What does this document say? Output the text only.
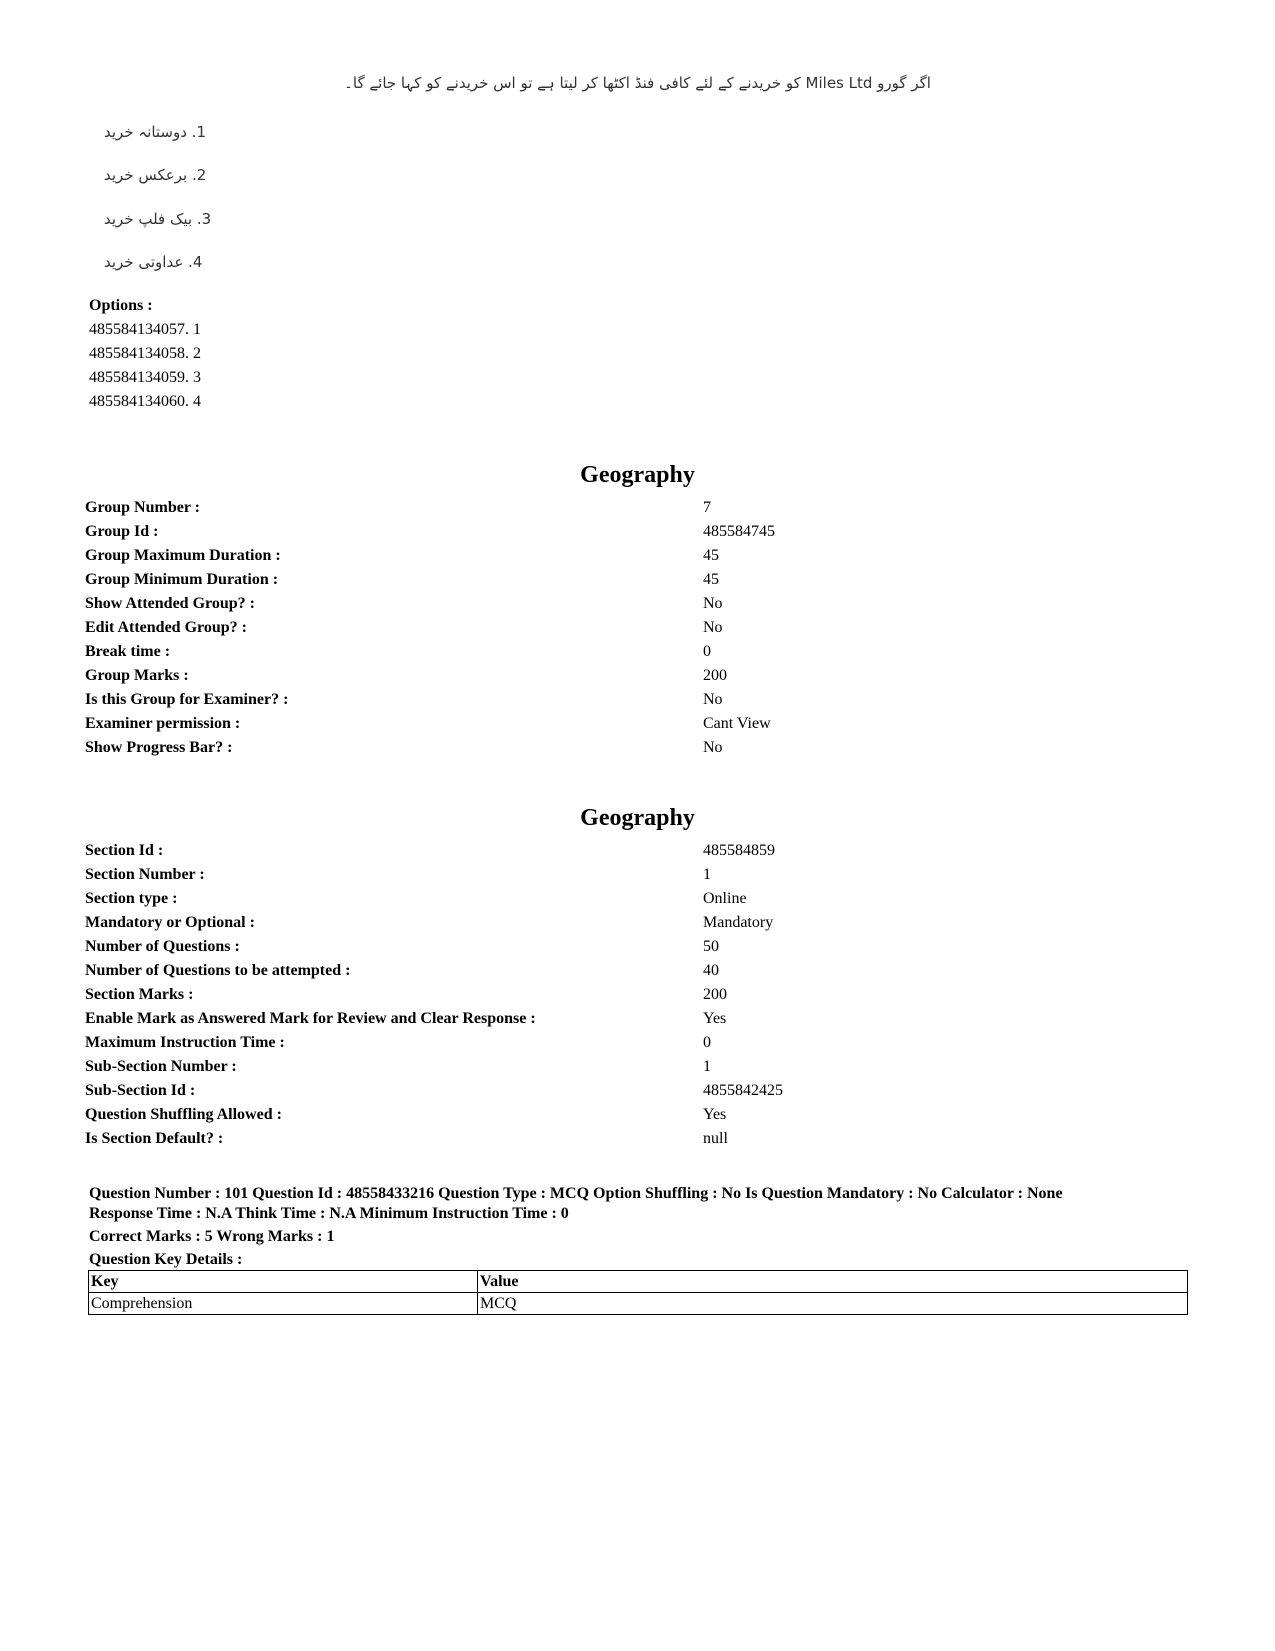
اگر گورو Miles Ltd کو خریدنے کے لئے کافی فنڈ اکٹھا کر لیتا ہے تو اس خریدنے کو کہا جائے گا۔
1. دوستانہ خرید
2. برعکس خرید
3. بیک فلپ خرید
4. عداوتی خرید
Options :
485584134057. 1
485584134058. 2
485584134059. 3
485584134060. 4
Geography
Group Number :	7
Group Id :	485584745
Group Maximum Duration :	45
Group Minimum Duration :	45
Show Attended Group? :	No
Edit Attended Group? :	No
Break time :	0
Group Marks :	200
Is this Group for Examiner? :	No
Examiner permission :	Cant View
Show Progress Bar? :	No
Geography
Section Id :	485584859
Section Number :	1
Section type :	Online
Mandatory or Optional :	Mandatory
Number of Questions :	50
Number of Questions to be attempted :	40
Section Marks :	200
Enable Mark as Answered Mark for Review and Clear Response :	Yes
Maximum Instruction Time :	0
Sub-Section Number :	1
Sub-Section Id :	4855842425
Question Shuffling Allowed :	Yes
Is Section Default? :	null

Question Number : 101 Question Id : 48558433216 Question Type : MCQ Option Shuffling : No Is Question Mandatory : No Calculator : None

Response Time : N.A Think Time : N.A Minimum Instruction Time : 0

Correct Marks : 5 Wrong Marks : 1

Question Key Details :

Key	Value
Comprehension	MCQ
